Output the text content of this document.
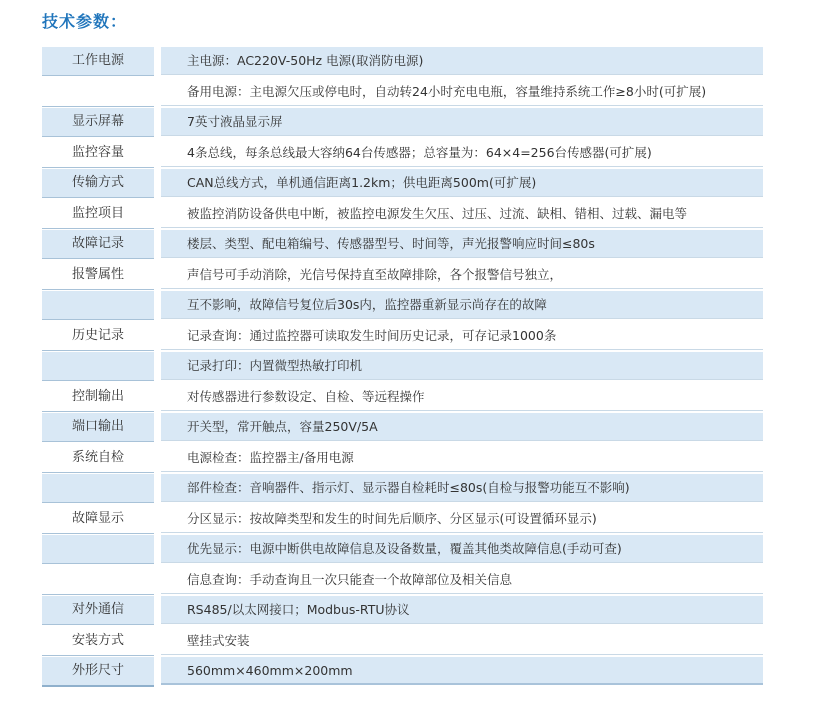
技术参数：
工作电源	主电源：AC220V-50Hz 电源(取消防电源)
备用电源：主电源欠压或停电时，自动转24小时充电电瓶，容量维持系统工作≥8小时(可扩展)
显示屏幕	7英寸液晶显示屏
监控容量	4条总线，每条总线最大容纳64台传感器；总容量为：64×4=256台传感器(可扩展)
传输方式	CAN总线方式，单机通信距离1.2km；供电距离500m(可扩展)
监控项目	被监控消防设备供电中断，被监控电源发生欠压、过压、过流、缺相、错相、过载、漏电等
故障记录	楼层、类型、配电箱编号、传感器型号、时间等，声光报警响应时间≤80s
报警属性	声信号可手动消除，光信号保持直至故障排除，各个报警信号独立，
互不影响，故障信号复位后30s内，监控器重新显示尚存在的故障
历史记录	记录查询：通过监控器可读取发生时间历史记录，可存记录1000条
记录打印：内置微型热敏打印机
控制输出	对传感器进行参数设定、自检、等远程操作
端口输出	开关型，常开触点，容量250V/5A
系统自检	电源检查：监控器主/备用电源
部件检查：音响器件、指示灯、显示器自检耗时≤80s(自检与报警功能互不影响)
故障显示	分区显示：按故障类型和发生的时间先后顺序、分区显示(可设置循环显示)
优先显示：电源中断供电故障信息及设备数量，覆盖其他类故障信息(手动可查)
信息查询：手动查询且一次只能查一个故障部位及相关信息
对外通信	RS485/以太网接口；Modbus-RTU协议
安装方式	壁挂式安装
外形尺寸	560mm×460mm×200mm
